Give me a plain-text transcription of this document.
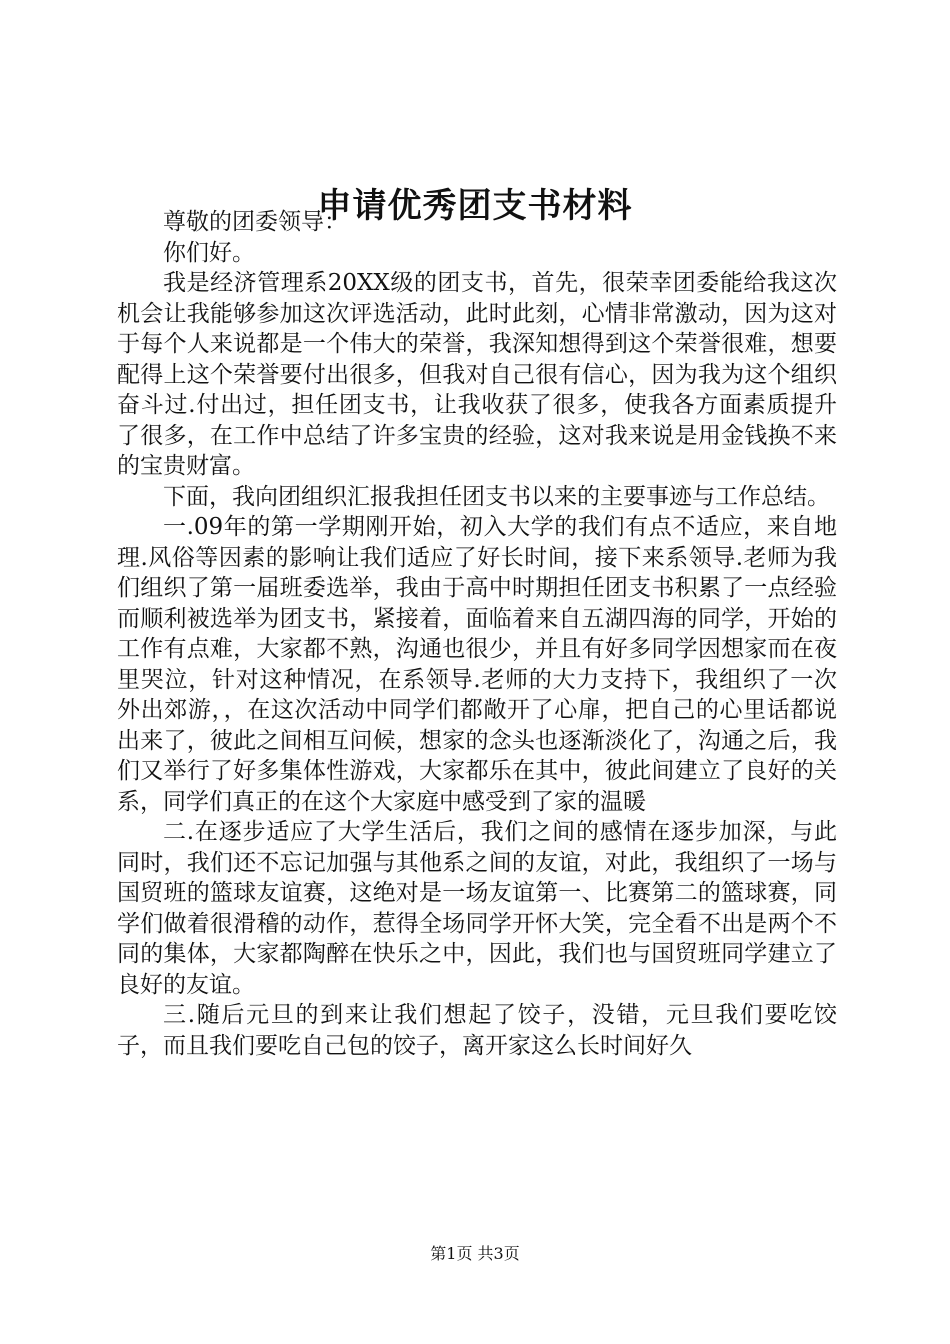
申请优秀团支书材料

尊敬的团委领导：

你们好。

我是经济管理系20XX级的团支书，首先，很荣幸团委能给我这次机会让我能够参加这次评选活动，此时此刻，心情非常激动，因为这对于每个人来说都是一个伟大的荣誉，我深知想得到这个荣誉很难，想要配得上这个荣誉要付出很多，但我对自己很有信心，因为我为这个组织奋斗过.付出过，担任团支书，让我收获了很多，使我各方面素质提升了很多，在工作中总结了许多宝贵的经验，这对我来说是用金钱换不来的宝贵财富。

下面，我向团组织汇报我担任团支书以来的主要事迹与工作总结。

一.09年的第一学期刚开始，初入大学的我们有点不适应，来自地理.风俗等因素的影响让我们适应了好长时间，接下来系领导.老师为我们组织了第一届班委选举，我由于高中时期担任团支书积累了一点经验而顺利被选举为团支书，紧接着，面临着来自五湖四海的同学，开始的工作有点难，大家都不熟，沟通也很少，并且有好多同学因想家而在夜里哭泣，针对这种情况，在系领导.老师的大力支持下，我组织了一次外出郊游，，在这次活动中同学们都敞开了心扉，把自己的心里话都说出来了，彼此之间相互问候，想家的念头也逐渐淡化了，沟通之后，我们又举行了好多集体性游戏，大家都乐在其中，彼此间建立了良好的关系，同学们真正的在这个大家庭中感受到了家的温暖

二.在逐步适应了大学生活后，我们之间的感情在逐步加深，与此同时，我们还不忘记加强与其他系之间的友谊，对此，我组织了一场与国贸班的篮球友谊赛，这绝对是一场友谊第一、比赛第二的篮球赛，同学们做着很滑稽的动作，惹得全场同学开怀大笑，完全看不出是两个不同的集体，大家都陶醉在快乐之中，因此，我们也与国贸班同学建立了良好的友谊。

三.随后元旦的到来让我们想起了饺子，没错，元旦我们要吃饺子，而且我们要吃自己包的饺子，离开家这么长时间好久

第1页 共3页
